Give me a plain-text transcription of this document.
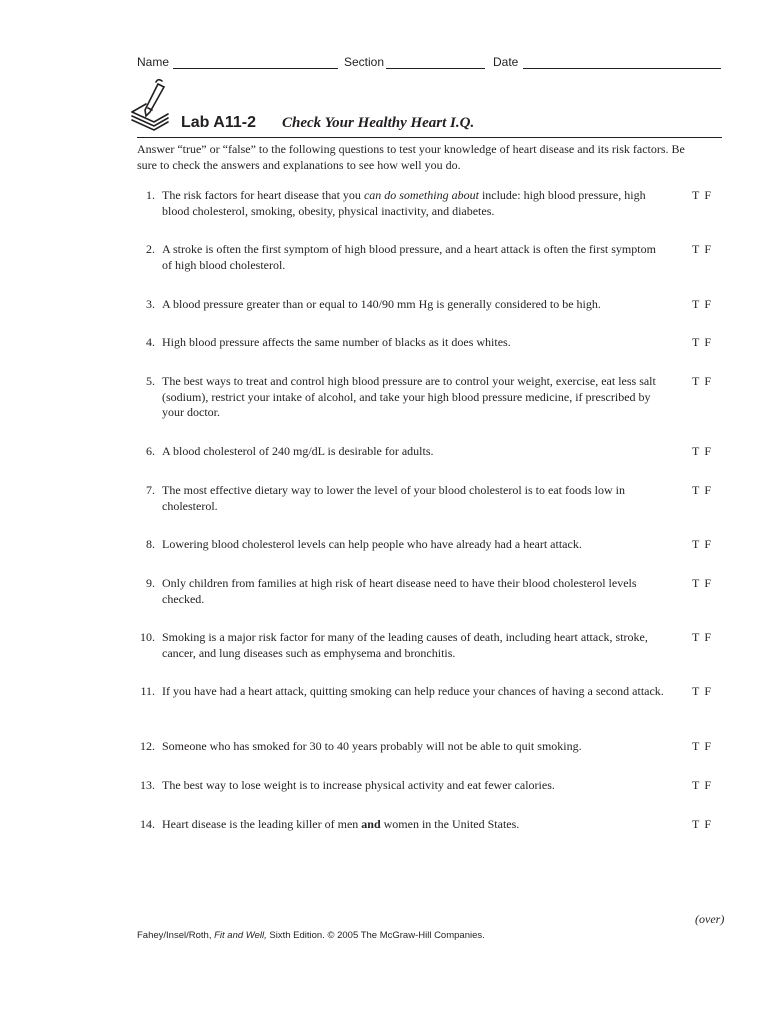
Name	Section	Date
Lab A11-2 Check Your Healthy Heart I.Q.

Answer “true” or “false” to the following questions to test your knowledge of heart disease and its risk factors. Be sure to check the answers and explanations to see how well you do.

1. The risk factors for heart disease that you can do something about include: high blood pressure, high blood cholesterol, smoking, obesity, physical inactivity, and diabetes.
T F
2. A stroke is often the first symptom of high blood pressure, and a heart attack is often the first symptom of high blood cholesterol.
T F
3. A blood pressure greater than or equal to 140/90 mm Hg is generally considered to be high.	T F
4. High blood pressure affects the same number of blacks as it does whites.	T F
5. The best ways to treat and control high blood pressure are to control your weight, exercise, eat less salt (sodium), restrict your intake of alcohol, and take your high blood pressure medicine, if prescribed by your doctor.
T F
6. A blood cholesterol of 240 mg/dL is desirable for adults.	T F
7. The most effective dietary way to lower the level of your blood cholesterol is to eat foods low in cholesterol.
T F
8. Lowering blood cholesterol levels can help people who have already had a heart attack.	T F
9. Only children from families at high risk of heart disease need to have their blood cholesterol levels checked.
T F
10. Smoking is a major risk factor for many of the leading causes of death, including heart attack, stroke, cancer, and lung diseases such as emphysema and bronchitis.
T F
11. If you have had a heart attack, quitting smoking can help reduce your chances of having a second attack. T F
12. Someone who has smoked for 30 to 40 years probably will not be able to quit smoking.	T F
13. The best way to lose weight is to increase physical activity and eat fewer calories.	T F
14. Heart disease is the leading killer of men and women in the United States.	T F
(over)
Fahey/Insel/Roth, Fit and Well, Sixth Edition. © 2005 The McGraw-Hill Companies.
